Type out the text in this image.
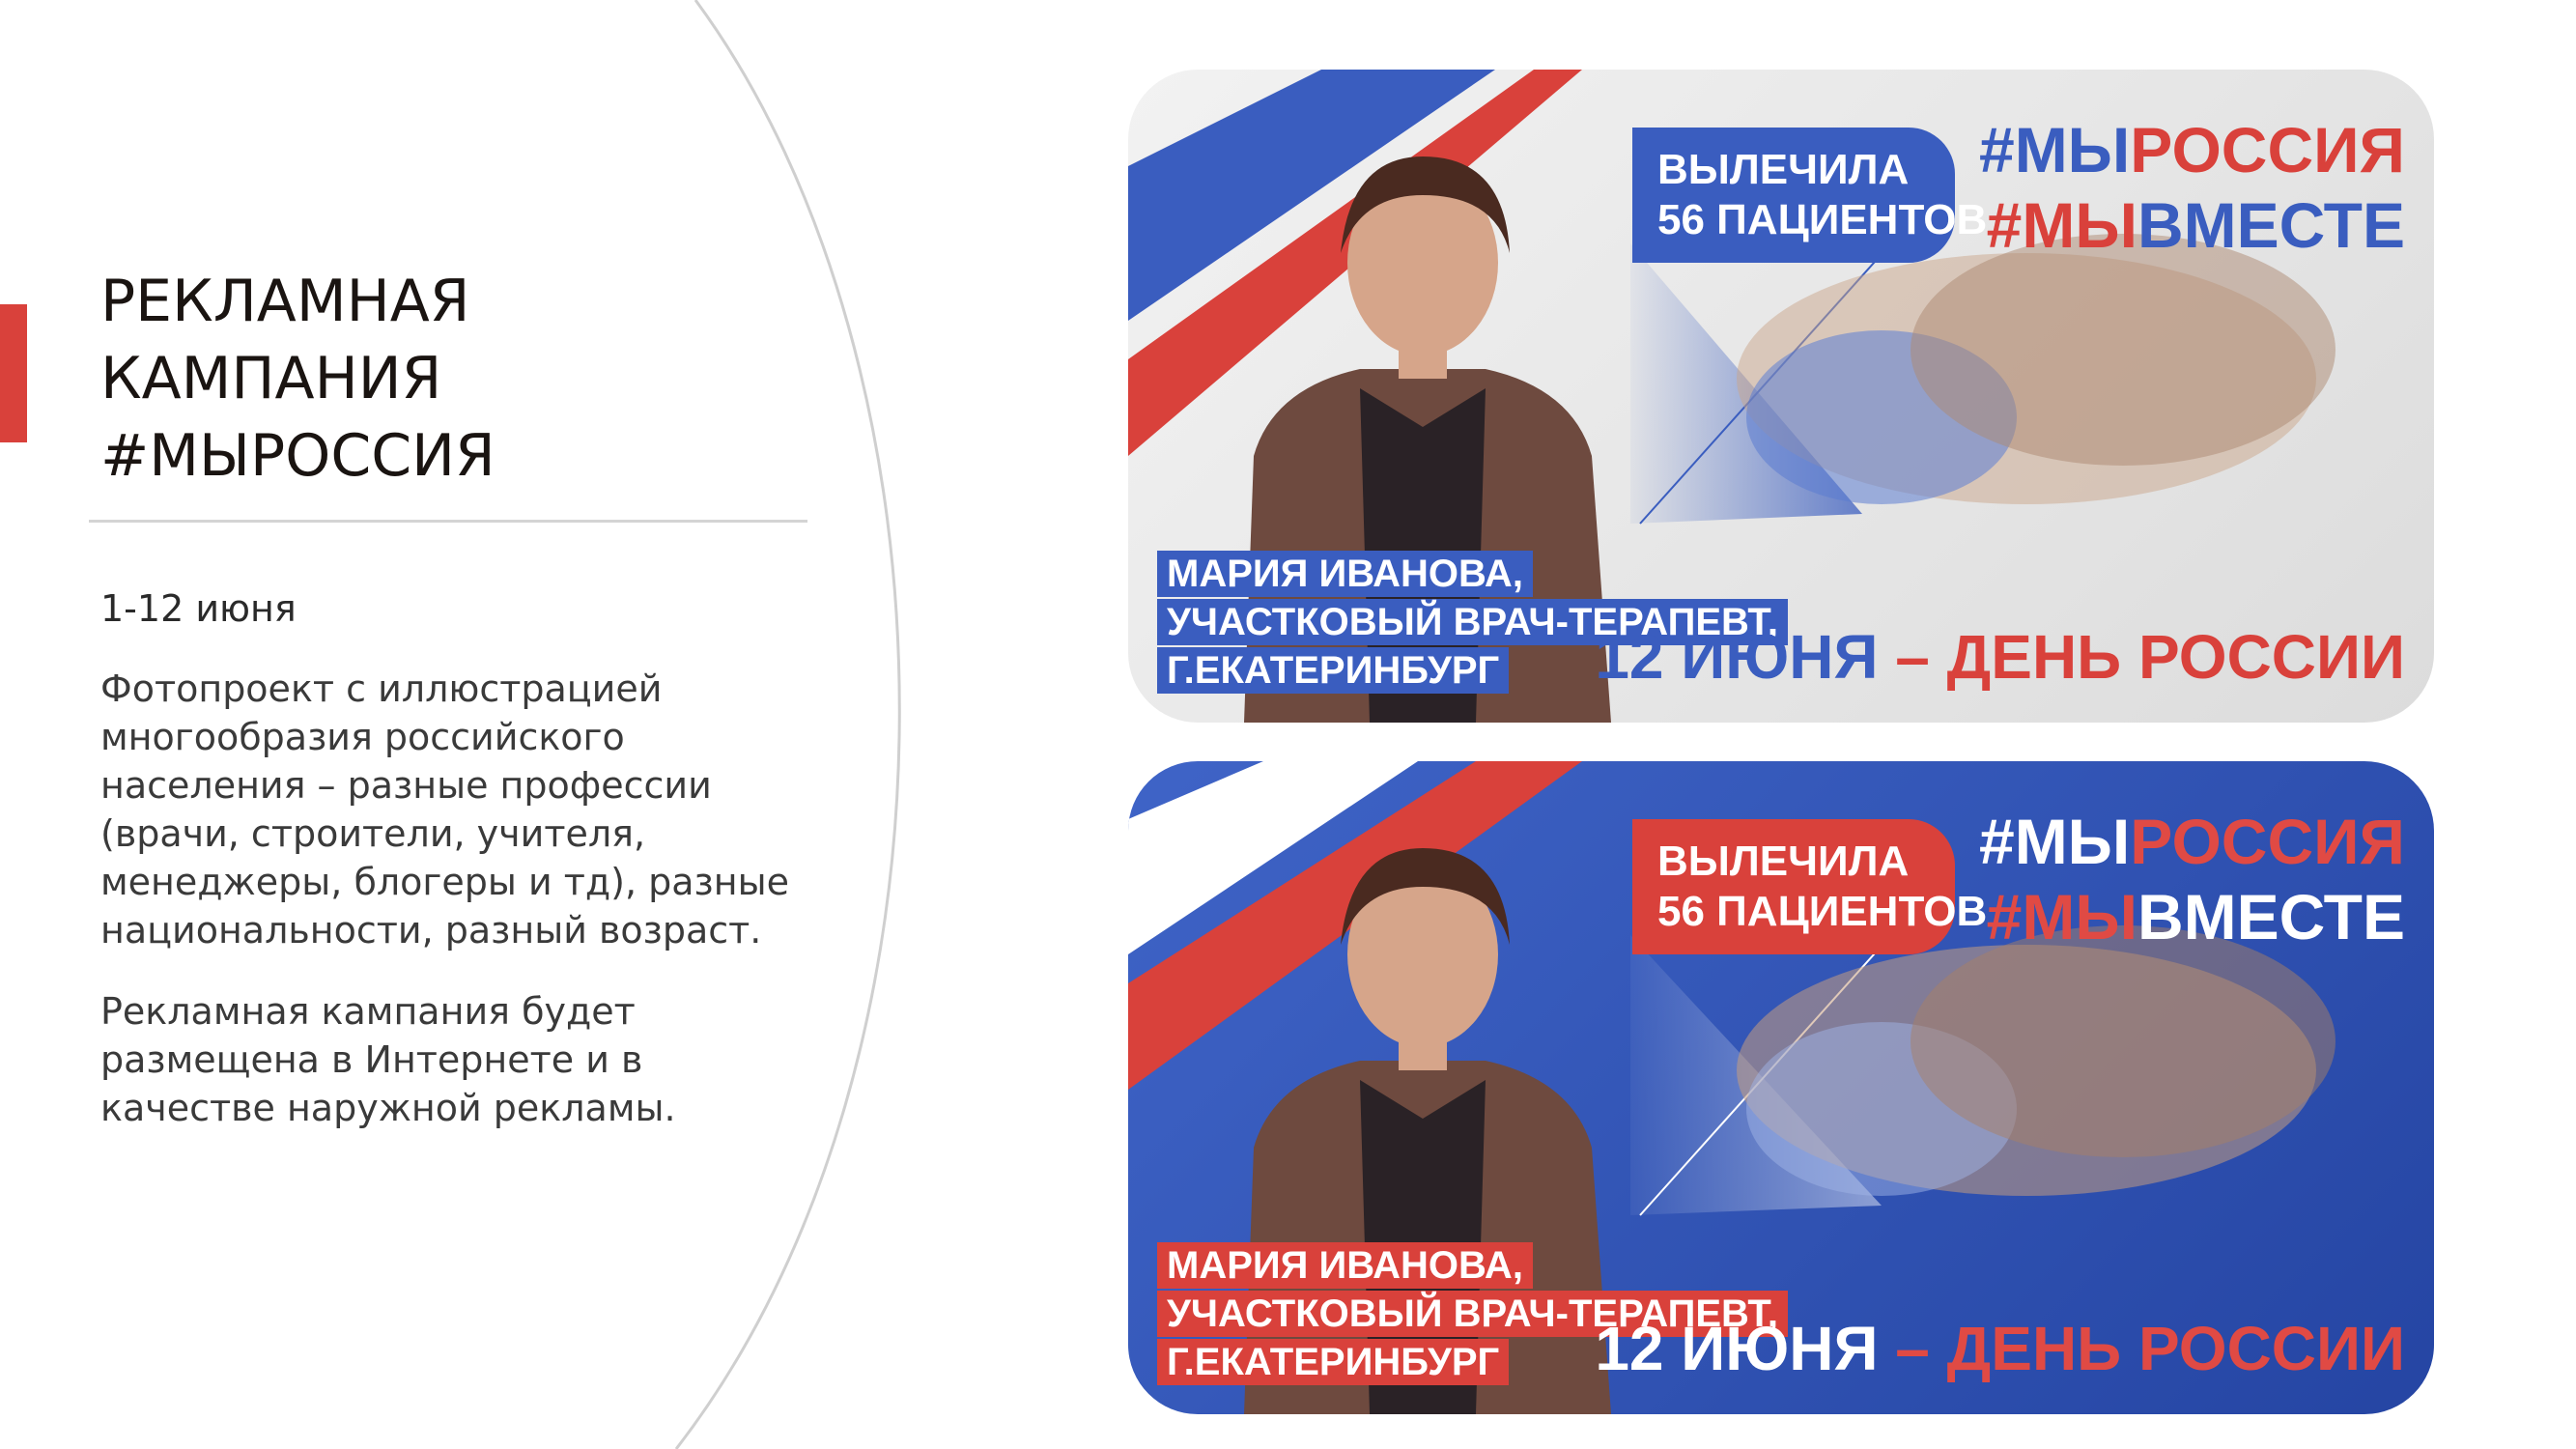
РЕКЛАМНАЯ
КАМПАНИЯ
#МЫРОССИЯ
1-12 июня

Фотопроект с иллюстрацией
многообразия российского
населения – разные профессии
(врачи, строители, учителя,
менеджеры, блогеры и тд), разные
национальности, разный возраст.

Рекламная кампания будет
размещена в Интернете и в
качестве наружной рекламы.

ВЫЛЕЧИЛА
56 ПАЦИЕНТОВ
#МЫРОССИЯ
#МЫВМЕСТЕ
МАРИЯ ИВАНОВА,
УЧАСТКОВЫЙ ВРАЧ-ТЕРАПЕВТ,
Г.ЕКАТЕРИНБУРГ 12 ИЮНЯ – ДЕНЬ РОССИИ
ВЫЛЕЧИЛА
56 ПАЦИЕНТОВ
#МЫРОССИЯ
#МЫВМЕСТЕ
МАРИЯ ИВАНОВА,
УЧАСТКОВЫЙ ВРАЧ-ТЕРАПЕВТ,
Г.ЕКАТЕРИНБУРГ 12 ИЮНЯ – ДЕНЬ РОССИИ
